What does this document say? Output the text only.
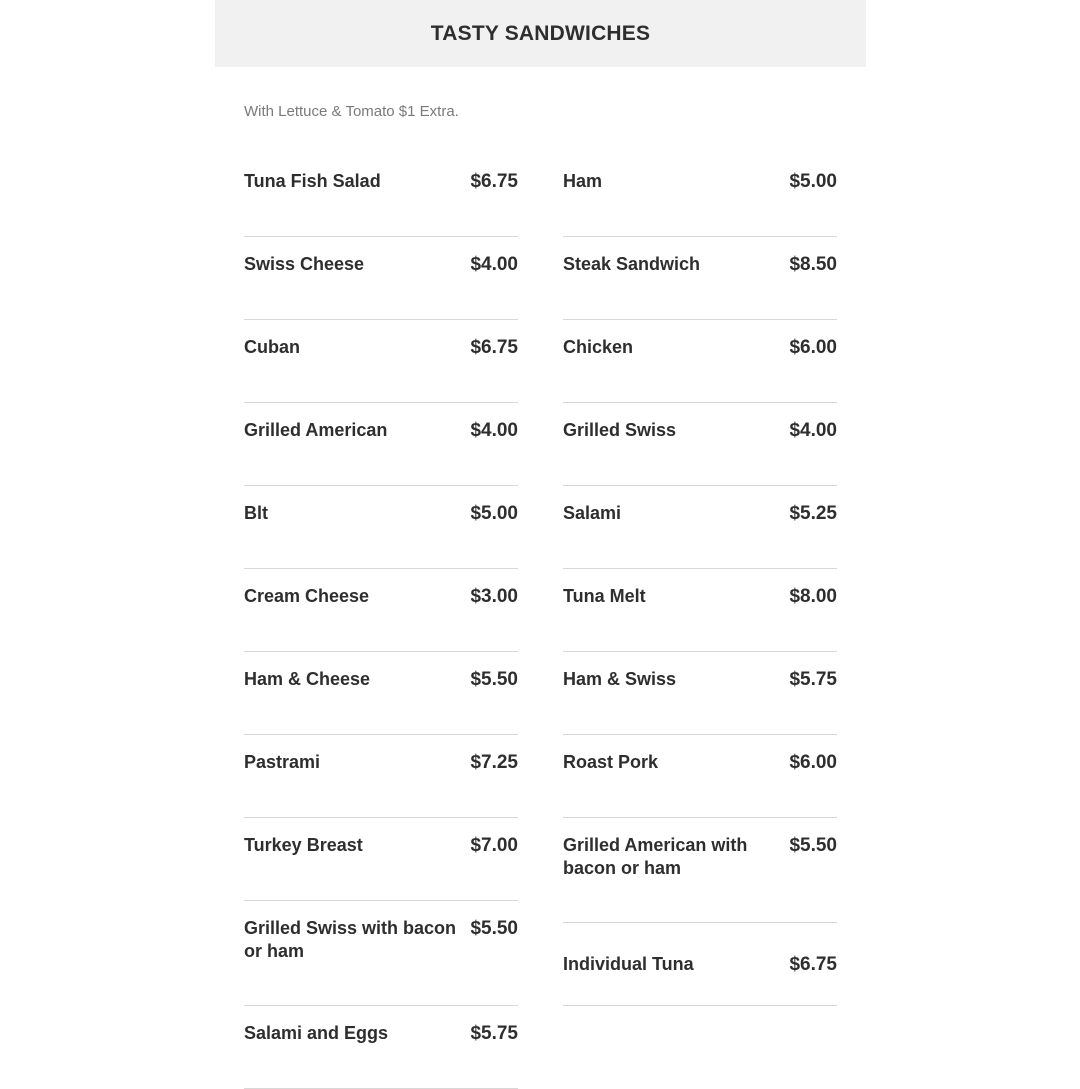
TASTY SANDWICHES
With Lettuce & Tomato $1 Extra.
Tuna Fish Salad	$6.75
Swiss Cheese	$4.00
Cuban	$6.75
Grilled American	$4.00
Blt	$5.00
Cream Cheese	$3.00
Ham & Cheese	$5.50
Pastrami	$7.25
Turkey Breast	$7.00
Grilled Swiss with bacon or ham
$5.50
Salami and Eggs	$5.75
Ham	$5.00
Steak Sandwich	$8.50
Chicken	$6.00
Grilled Swiss	$4.00
Salami	$5.25
Tuna Melt	$8.00
Ham & Swiss	$5.75
Roast Pork	$6.00
Grilled American with bacon or ham
$5.50
Individual Tuna	$6.75
